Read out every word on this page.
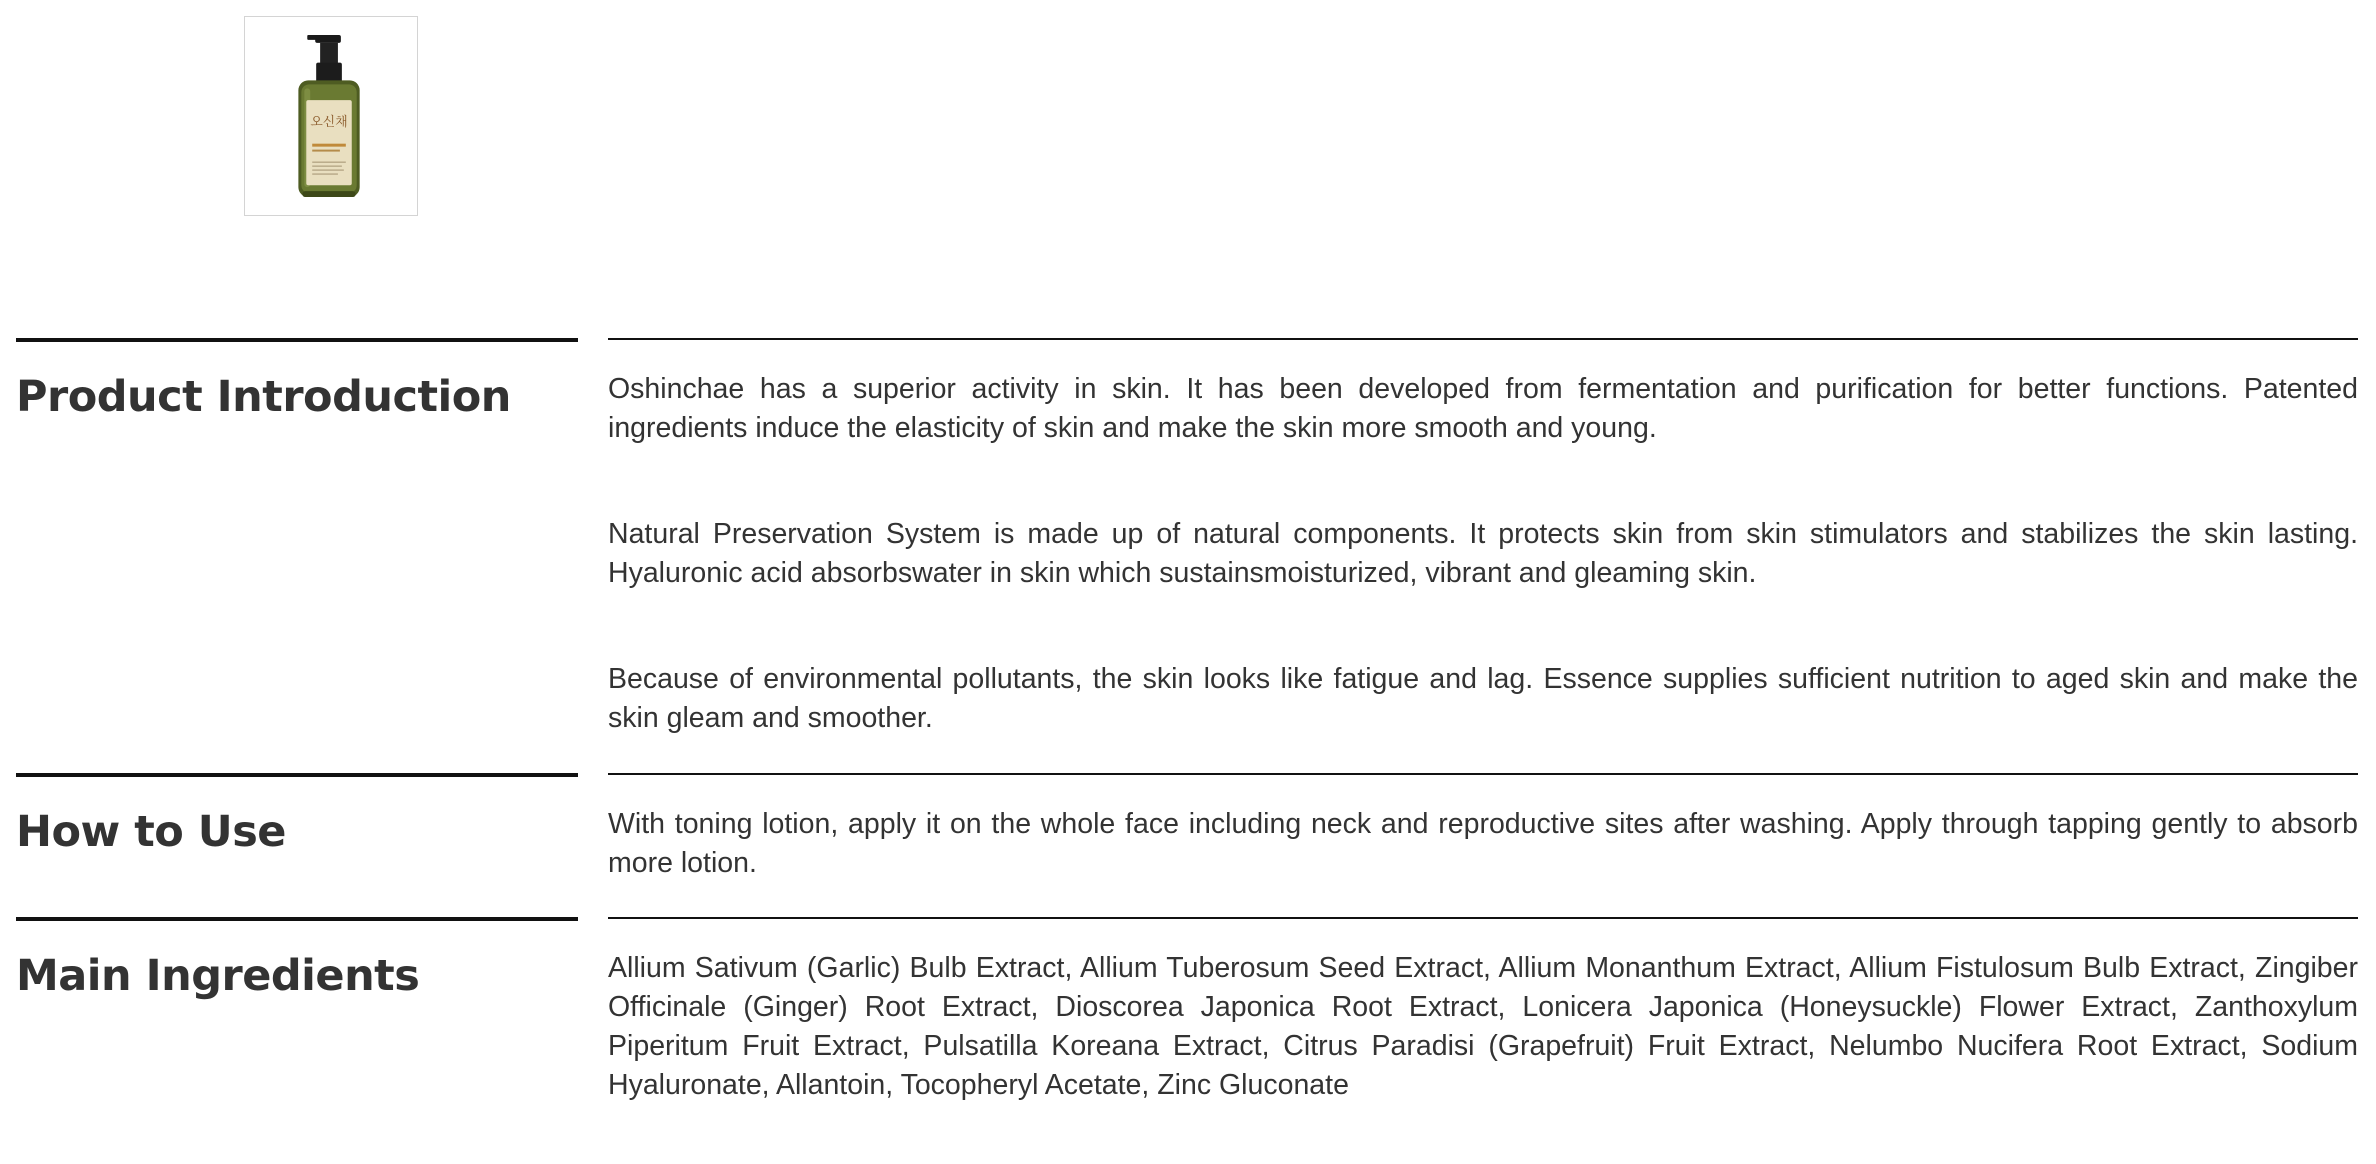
오신채
Product Introduction	Oshinchae has a superior activity in skin. It has been developed from fermentation and purification for better functions. Patented ingredients induce the elasticity of skin and make the skin more smooth and young.

Natural Preservation System is made up of natural components. It protects skin from skin stimulators and stabilizes the skin lasting. Hyaluronic acid absorbswater in skin which sustainsmoisturized, vibrant and gleaming skin.

Because of environmental pollutants, the skin looks like fatigue and lag. Essence supplies sufficient nutrition to aged skin and make the skin gleam and smoother.

How to Use	With toning lotion, apply it on the whole face including neck and reproductive sites after washing. Apply through tapping gently to absorb more lotion.

Main Ingredients	Allium Sativum (Garlic) Bulb Extract, Allium Tuberosum Seed Extract, Allium Monanthum Extract, Allium Fistulosum Bulb Extract, Zingiber Officinale (Ginger) Root Extract, Dioscorea Japonica Root Extract, Lonicera Japonica (Honeysuckle) Flower Extract, Zanthoxylum Piperitum Fruit Extract, Pulsatilla Koreana Extract, Citrus Paradisi (Grapefruit) Fruit Extract, Nelumbo Nucifera Root Extract, Sodium Hyaluronate, Allantoin, Tocopheryl Acetate, Zinc Gluconate
